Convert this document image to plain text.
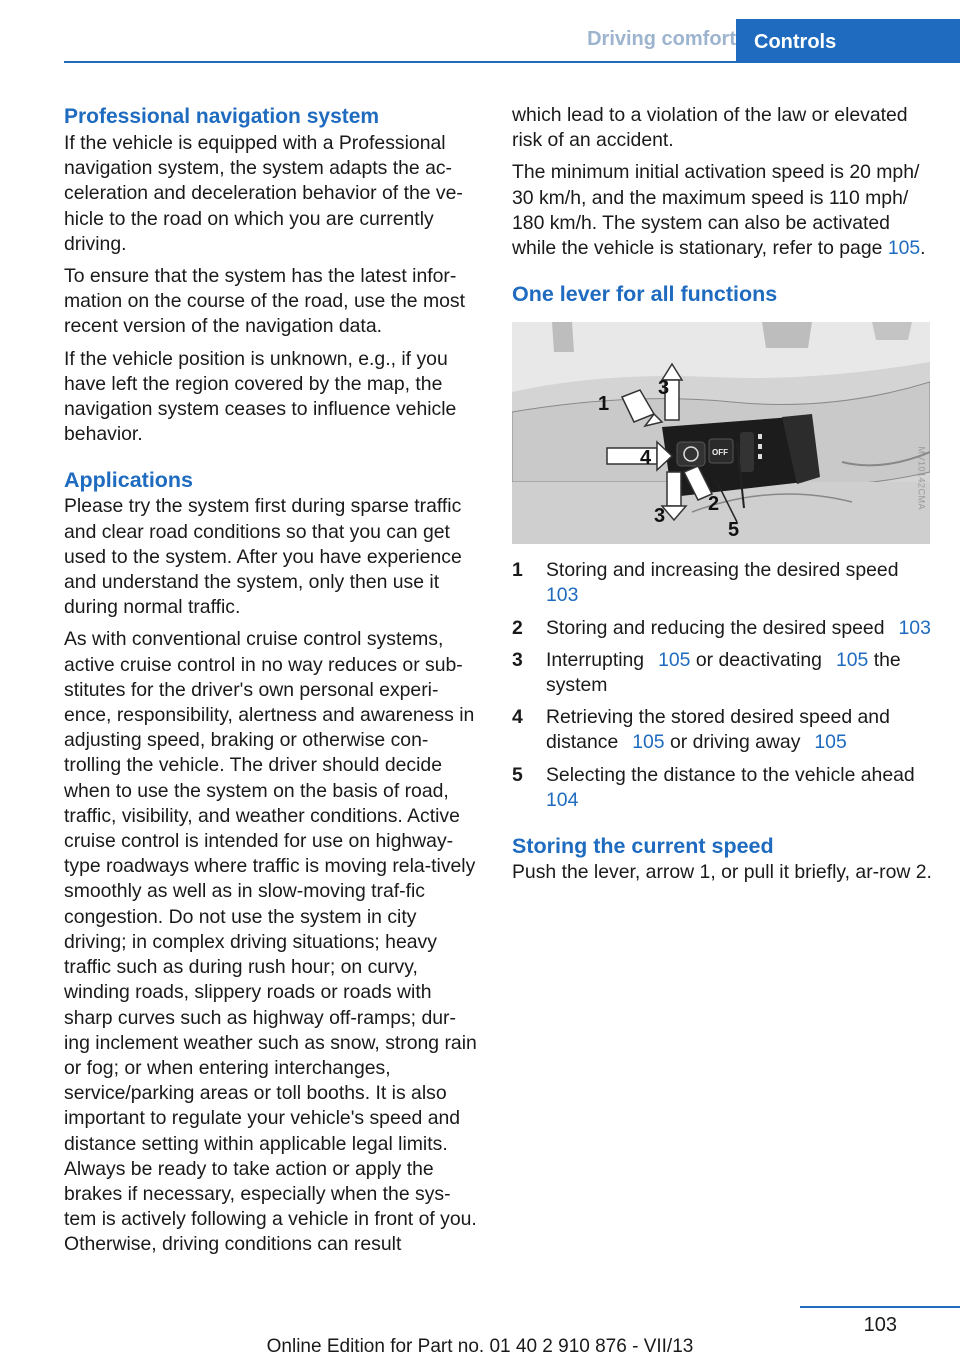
Driving comfort Controls
Professional navigation system

If the vehicle is equipped with a Professional navigation system, the system adapts the ac-celeration and deceleration behavior of the ve-hicle to the road on which you are currently driving.

To ensure that the system has the latest infor-mation on the course of the road, use the most recent version of the navigation data.

If the vehicle position is unknown, e.g., if you have left the region covered by the map, the navigation system ceases to influence vehicle behavior.

Applications

Please try the system first during sparse traffic and clear road conditions so that you can get used to the system. After you have experience and understand the system, only then use it during normal traffic.

As with conventional cruise control systems, active cruise control in no way reduces or sub-stitutes for the driver's own personal experi-ence, responsibility, alertness and awareness in adjusting speed, braking or otherwise con-trolling the vehicle. The driver should decide when to use the system on the basis of road, traffic, visibility, and weather conditions. Active cruise control is intended for use on highway-type roadways where traffic is moving rela-tively smoothly as well as in slow-moving traf-fic congestion. Do not use the system in city driving; in complex driving situations; heavy traffic such as during rush hour; on curvy, winding roads, slippery roads or roads with sharp curves such as highway off-ramps; dur-ing inclement weather such as snow, strong rain or fog; or when entering interchanges, service/parking areas or toll booths. It is also important to regulate your vehicle's speed and distance setting within applicable legal limits. Always be ready to take action or apply the brakes if necessary, especially when the sys-tem is actively following a vehicle in front of you. Otherwise, driving conditions can result

which lead to a violation of the law or elevated risk of an accident.

The minimum initial activation speed is 20 mph/ 30 km/h, and the maximum speed is 110 mph/ 180 km/h. The system can also be activated while the vehicle is stationary, refer to page 105.

One lever for all functions
OFF
1
2
3
3
4
5
MV10142CMA
1 Storing and increasing the desired speed103
2 Storing and reducing the desired speed 103
3 Interrupting 105 or deactivating 105 the system
4 Retrieving the stored desired speed and distance 105 or driving away 105
5 Selecting the distance to the vehicle ahead104
Storing the current speed

Push the lever, arrow 1, or pull it briefly, ar-row 2.

103
Online Edition for Part no. 01 40 2 910 876 - VII/13
